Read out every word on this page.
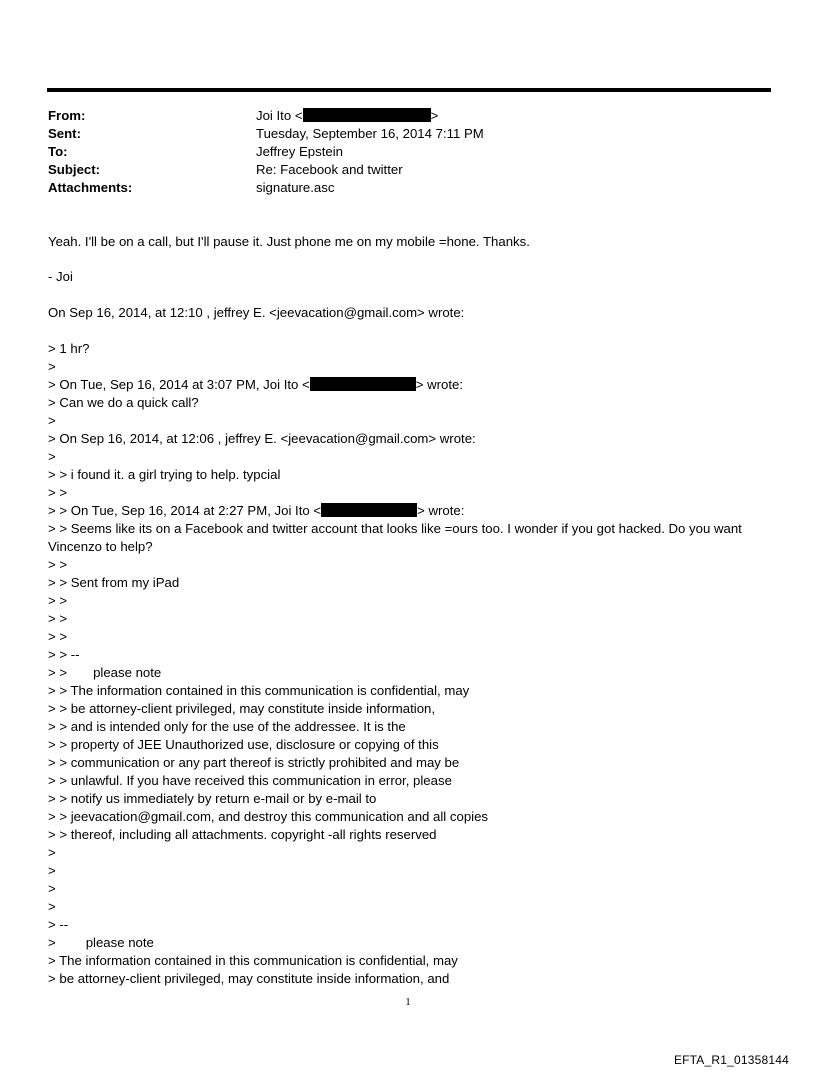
From:	Joi Ito <	>
Sent:	Tuesday, September 16, 2014 7:11 PM
To:	Jeffrey Epstein
Subject:	Re: Facebook and twitter
Attachments:	signature.asc
Yeah. I'll be on a call, but I'll pause it. Just phone me on my mobile =hone. Thanks.
- Joi
On Sep 16, 2014, at 12:10 , jeffrey E. <jeevacation@gmail.com> wrote:
> 1 hr?
>
> On Tue, Sep 16, 2014 at 3:07 PM, Joi Ito <	> wrote:
> Can we do a quick call?
>
> On Sep 16, 2014, at 12:06 , jeffrey E. <jeevacation@gmail.com> wrote:
>
> > i found it. a girl trying to help. typcial
> >
> > On Tue, Sep 16, 2014 at 2:27 PM, Joi Ito <	> wrote:
> > Seems like its on a Facebook and twitter account that looks like =ours too. I wonder if you got hacked. Do you want
Vincenzo to help?
> >
> > Sent from my iPad
> >
> >
> >
> > --
> > please note
> > The information contained in this communication is confidential, may
> > be attorney-client privileged, may constitute inside information,
> > and is intended only for the use of the addressee. It is the
> > property of JEE Unauthorized use, disclosure or copying of this
> > communication or any part thereof is strictly prohibited and may be
> > unlawful. If you have received this communication in error, please
> > notify us immediately by return e-mail or by e-mail to
> > jeevacation@gmail.com, and destroy this communication and all copies
> > thereof, including all attachments. copyright -all rights reserved
>
>
>
>
> --
> please note
> The information contained in this communication is confidential, may
> be attorney-client privileged, may constitute inside information, and
1
EFTA_R1_01358144
